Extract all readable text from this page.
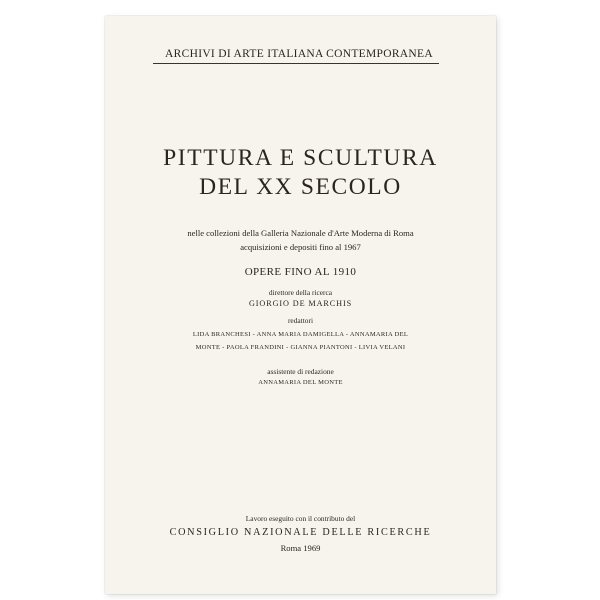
ARCHIVI DI ARTE ITALIANA CONTEMPORANEA
PITTURA E SCULTURA
DEL XX SECOLO
nelle collezioni della Galleria Nazionale d'Arte Moderna di Roma
acquisizioni e depositi fino al 1967
OPERE FINO AL 1910
direttore della ricerca
GIORGIO DE MARCHIS
redattori
LIDA BRANCHESI - ANNA MARIA DAMIGELLA - ANNAMARIA DEL
MONTE - PAOLA FRANDINI - GIANNA PIANTONI - LIVIA VELANI
assistente di redazione
ANNAMARIA DEL MONTE
Lavoro eseguito con il contributo del
CONSIGLIO NAZIONALE DELLE RICERCHE
Roma 1969
